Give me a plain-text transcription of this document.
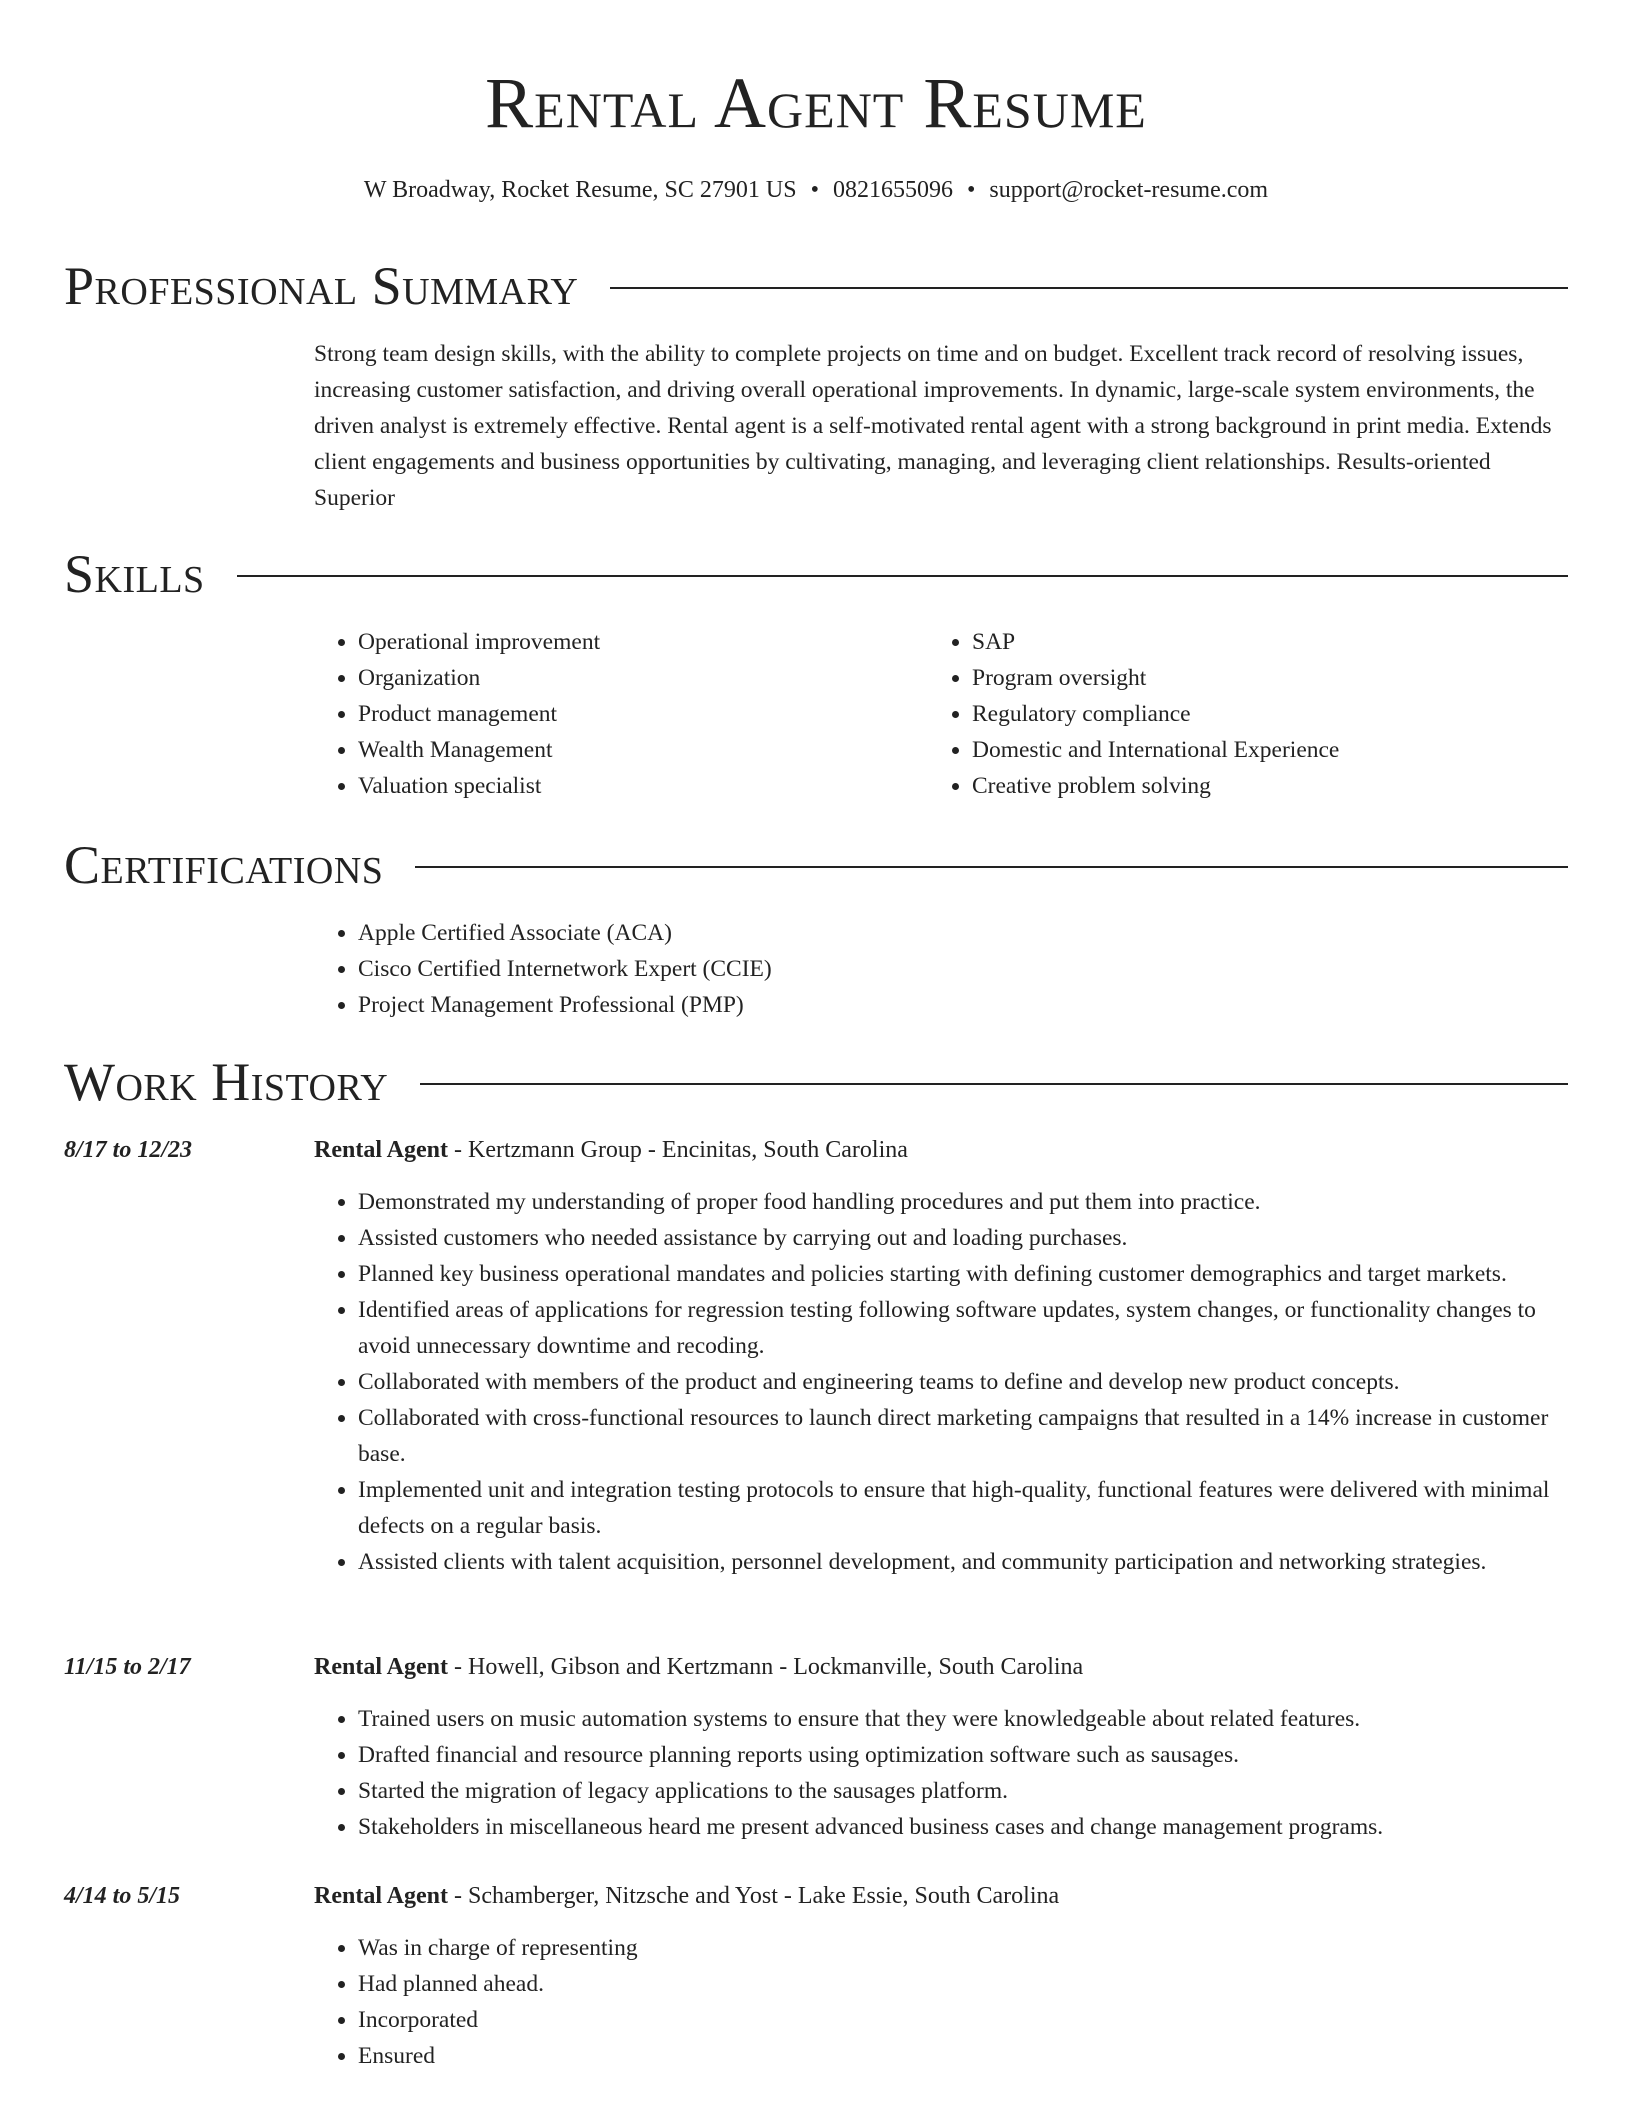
Rental Agent Resume
W Broadway, Rocket Resume, SC 27901 US • 0821655096 • support@rocket-resume.com
Professional Summary

Strong team design skills, with the ability to complete projects on time and on budget. Excellent track record of resolving issues, increasing customer satisfaction, and driving overall operational improvements. In dynamic, large-scale system environments, the driven analyst is extremely effective. Rental agent is a self-motivated rental agent with a strong background in print media. Extends client engagements and business opportunities by cultivating, managing, and leveraging client relationships. Results-oriented Superior

Skills
• Operational improvement
• Organization
• Product management
• Wealth Management
• Valuation specialist
• SAP
• Program oversight
• Regulatory compliance
• Domestic and International Experience
• Creative problem solving
Certifications
• Apple Certified Associate (ACA)
• Cisco Certified Internetwork Expert (CCIE)
• Project Management Professional (PMP)
Work History
8/17 to 12/23	Rental Agent - Kertzmann Group - Encinitas, South Carolina
• Demonstrated my understanding of proper food handling procedures and put them into practice.
• Assisted customers who needed assistance by carrying out and loading purchases.
• Planned key business operational mandates and policies starting with defining customer demographics and target markets.
• Identified areas of applications for regression testing following software updates, system changes, or functionality changes to avoid unnecessary downtime and recoding.
• Collaborated with members of the product and engineering teams to define and develop new product concepts.
• Collaborated with cross-functional resources to launch direct marketing campaigns that resulted in a 14% increase in customer base.
• Implemented unit and integration testing protocols to ensure that high-quality, functional features were delivered with minimal defects on a regular basis.
• Assisted clients with talent acquisition, personnel development, and community participation and networking strategies.
11/15 to 2/17	Rental Agent - Howell, Gibson and Kertzmann - Lockmanville, South Carolina
• Trained users on music automation systems to ensure that they were knowledgeable about related features.
• Drafted financial and resource planning reports using optimization software such as sausages.
• Started the migration of legacy applications to the sausages platform.
• Stakeholders in miscellaneous heard me present advanced business cases and change management programs.
4/14 to 5/15	Rental Agent - Schamberger, Nitzsche and Yost - Lake Essie, South Carolina
• Was in charge of representing
• Had planned ahead.
• Incorporated
• Ensured
